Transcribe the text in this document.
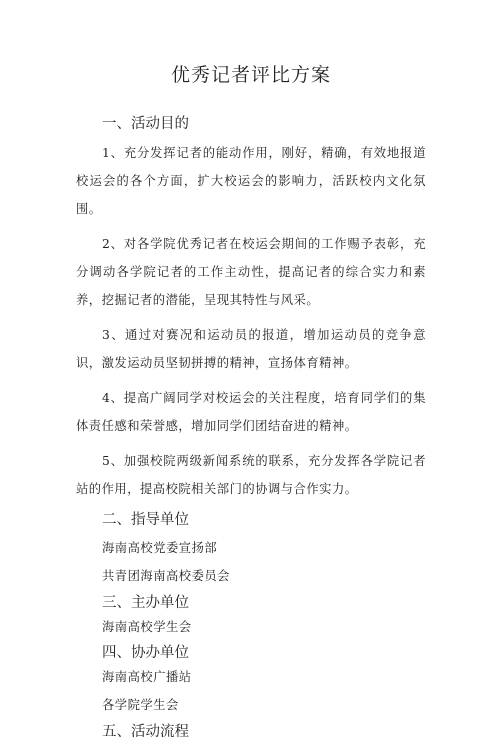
优秀记者评比方案
一、活动目的

1、充分发挥记者的能动作用，刚好，精确，有效地报道校运会的各个方面，扩大校运会的影响力，活跃校内文化氛围。

2、对各学院优秀记者在校运会期间的工作赐予表彰，充分调动各学院记者的工作主动性，提高记者的综合实力和素养，挖掘记者的潜能，呈现其特性与风采。

3、通过对赛况和运动员的报道，增加运动员的竞争意识，激发运动员坚韧拼搏的精神，宣扬体育精神。

4、提高广阔同学对校运会的关注程度，培育同学们的集体责任感和荣誉感，增加同学们团结奋进的精神。

5、加强校院两级新闻系统的联系，充分发挥各学院记者站的作用，提高校院相关部门的协调与合作实力。

二、指导单位

海南高校党委宣扬部

共青团海南高校委员会

三、主办单位

海南高校学生会

四、协办单位

海南高校广播站

各学院学生会

五、活动流程
